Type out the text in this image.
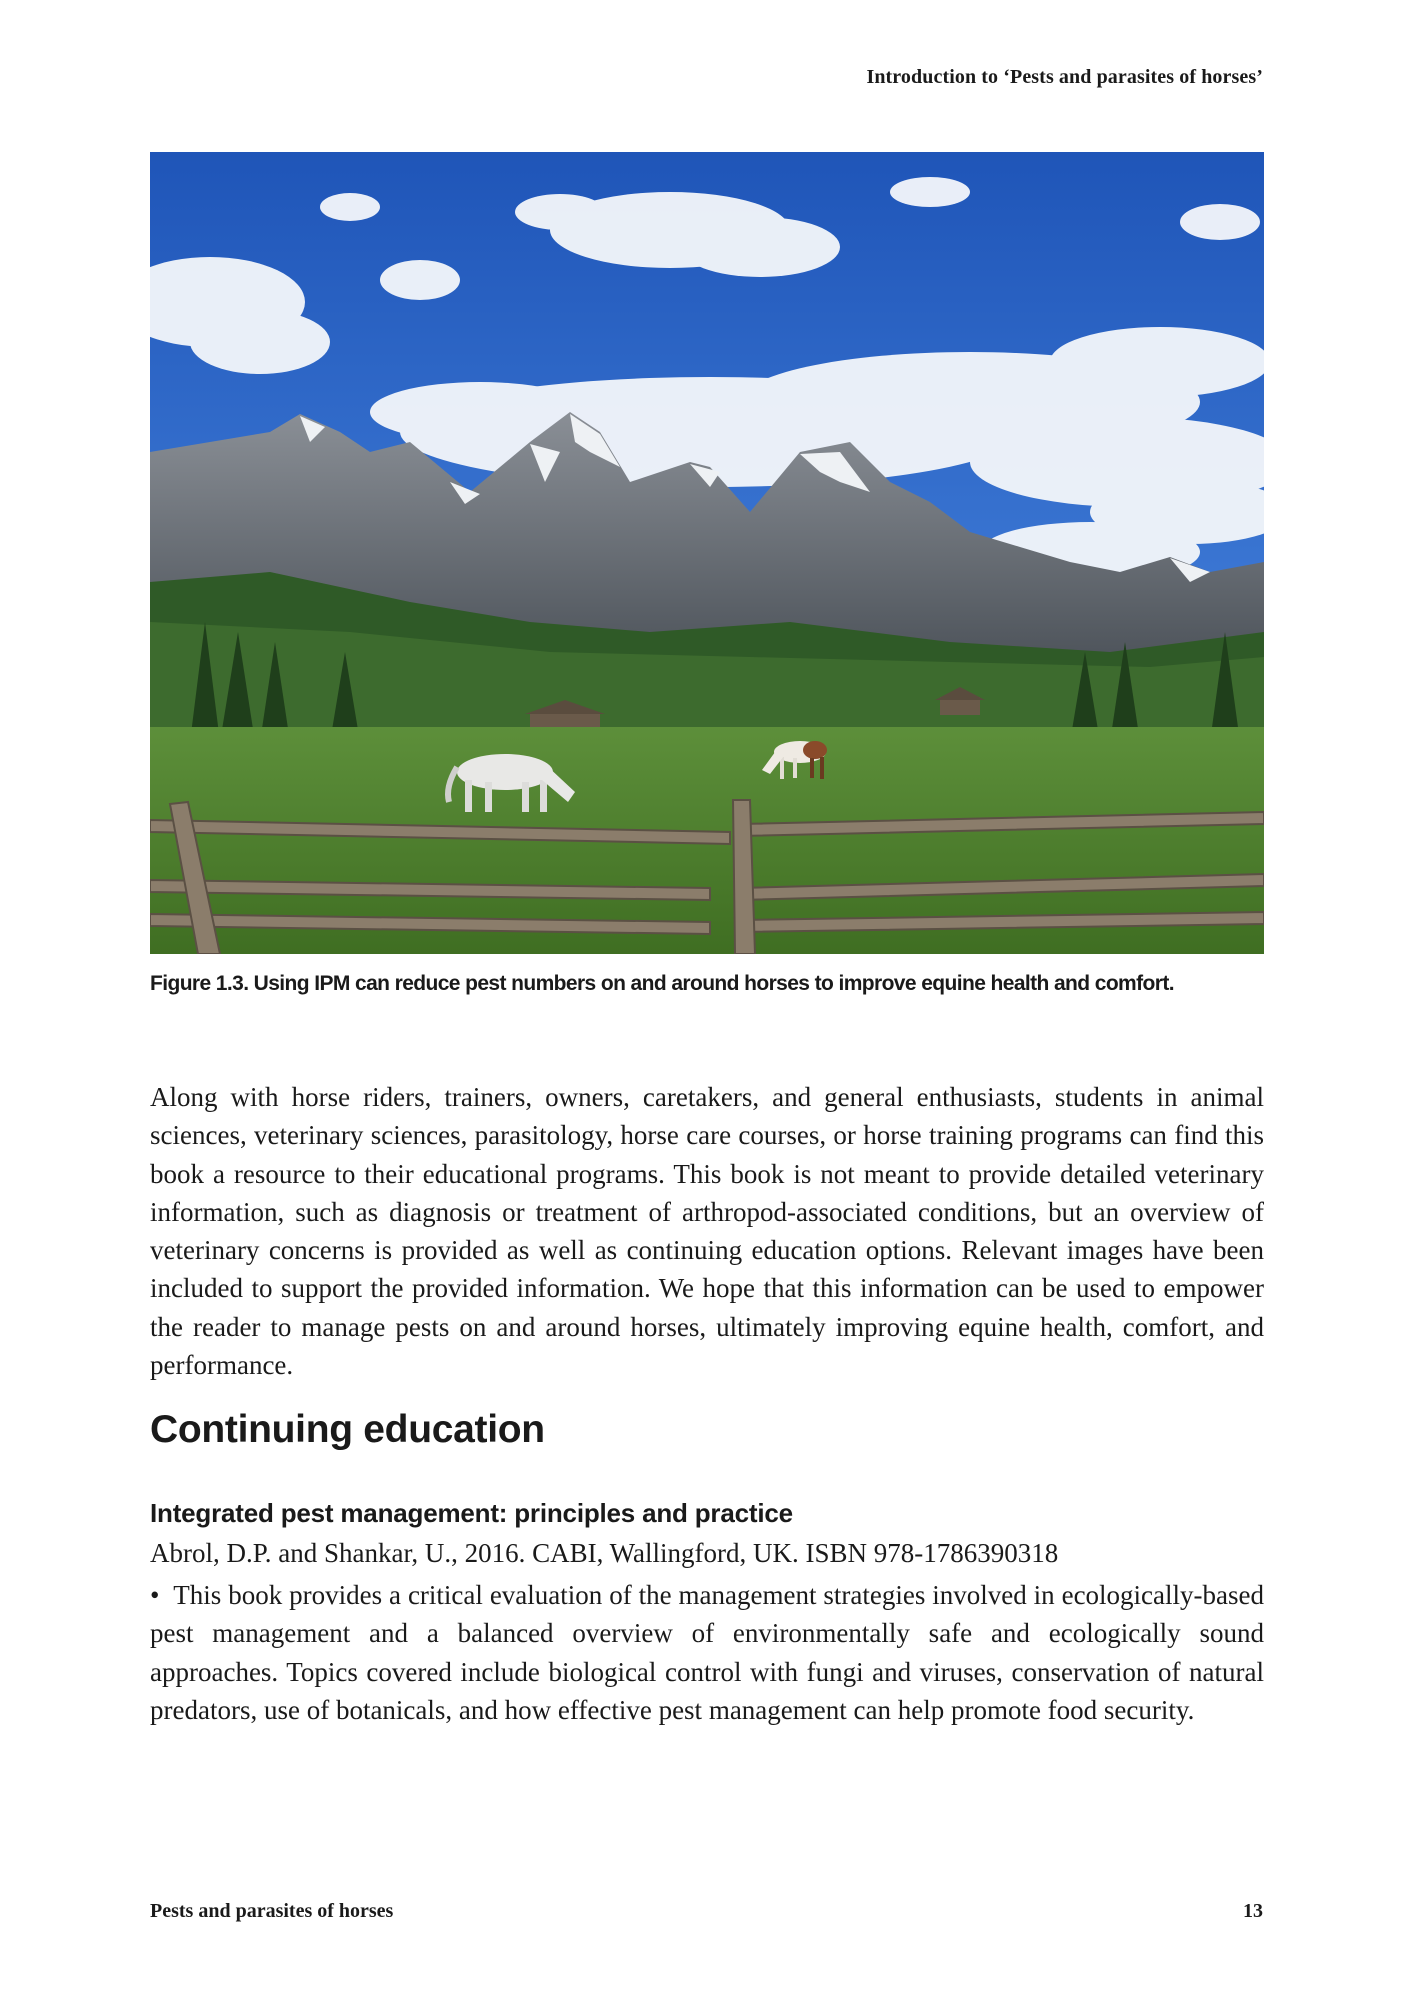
Introduction to ‘Pests and parasites of horses’
Figure 1.3. Using IPM can reduce pest numbers on and around horses to improve equine health and comfort.

Along with horse riders, trainers, owners, caretakers, and general enthusiasts, students in animal sciences, veterinary sciences, parasitology, horse care courses, or horse training programs can find this book a resource to their educational programs. This book is not meant to provide detailed veterinary information, such as diagnosis or treatment of arthropod-associated conditions, but an overview of veterinary concerns is provided as well as continuing education options. Relevant images have been included to support the provided information. We hope that this information can be used to empower the reader to manage pests on and around horses, ultimately improving equine health, comfort, and performance.

Continuing education
Integrated pest management: principles and practice

Abrol, D.P. and Shankar, U., 2016. CABI, Wallingford, UK. ISBN 978-1786390318

• This book provides a critical evaluation of the management strategies involved in ecologically-based pest management and a balanced overview of environmentally safe and ecologically sound approaches. Topics covered include biological control with fungi and viruses, conservation of natural predators, use of botanicals, and how effective pest management can help promote food security.

Pests and parasites of horses	13
